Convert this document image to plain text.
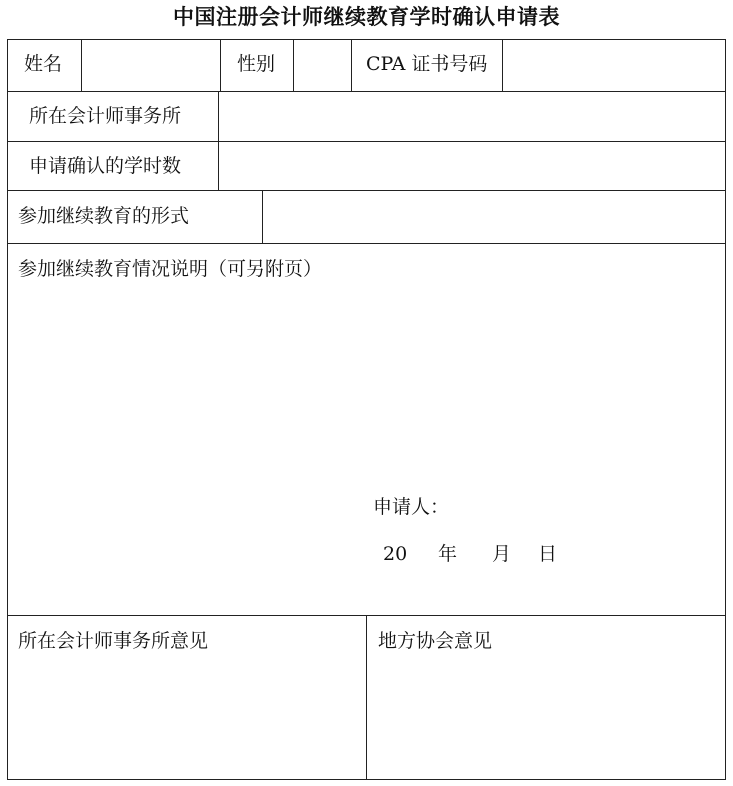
中国注册会计师继续教育学时确认申请表
姓名	性别	CPA 证书号码
所在会计师事务所
申请确认的学时数
参加继续教育的形式
参加继续教育情况说明（可另附页）
申请人：
20 年 月 日
所在会计师事务所意见	地方协会意见
